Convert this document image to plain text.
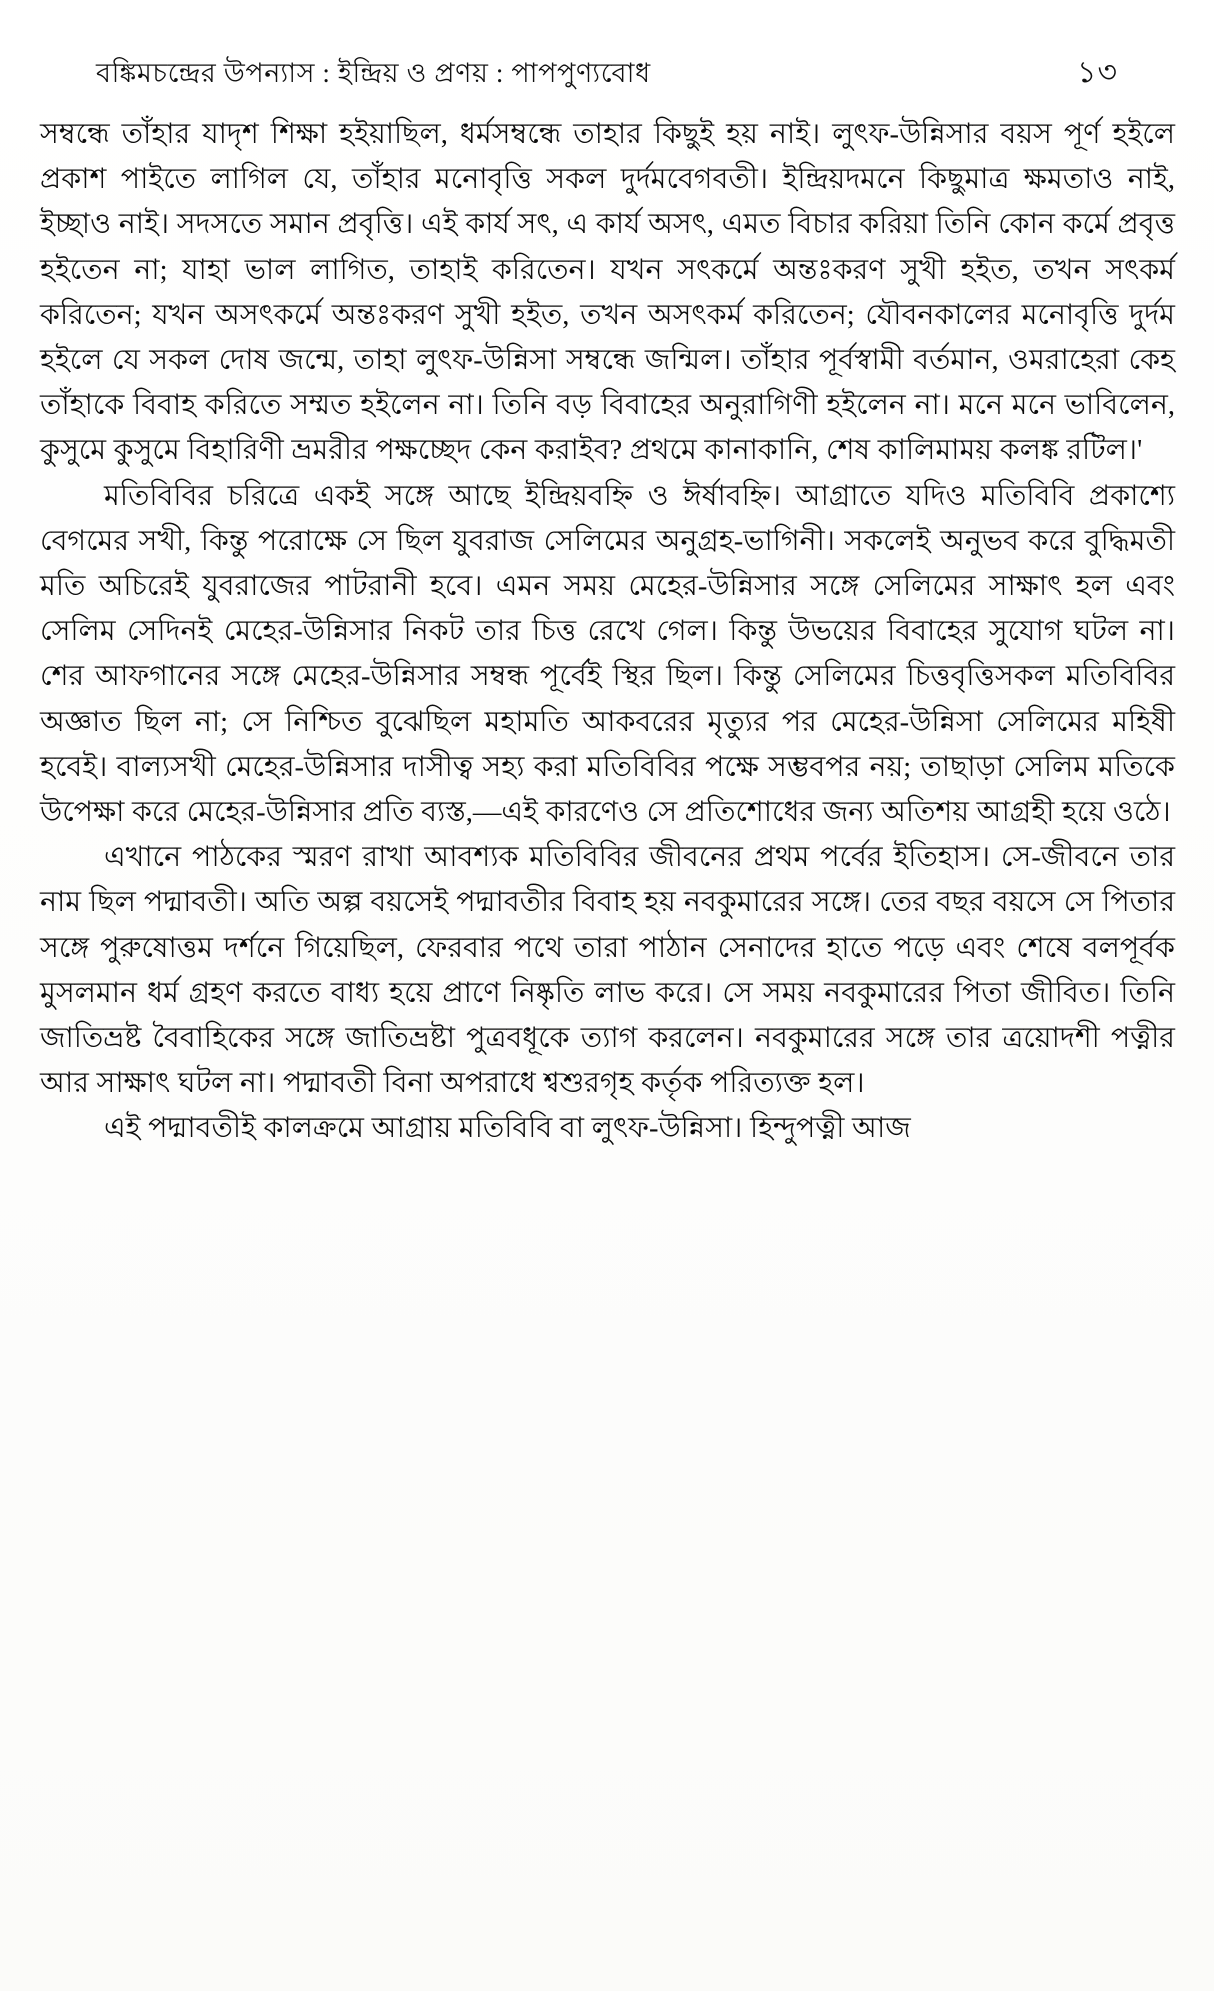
বঙ্কিমচন্দ্রের উপন্যাস : ইন্দ্রিয় ও প্রণয় : পাপপুণ্যবোধ	১৩

সম্বন্ধে তাঁহার যাদৃশ শিক্ষা হইয়াছিল, ধর্মসম্বন্ধে তাহার কিছুই হয় নাই। লুৎফ-উন্নিসার বয়স পূর্ণ হইলে প্রকাশ পাইতে লাগিল যে, তাঁহার মনোবৃত্তি সকল দুর্দমবেগবতী। ইন্দ্রিয়দমনে কিছুমাত্র ক্ষমতাও নাই, ইচ্ছাও নাই। সদসতে সমান প্রবৃত্তি। এই কার্য সৎ, এ কার্য অসৎ, এমত বিচার করিয়া তিনি কোন কর্মে প্রবৃত্ত হইতেন না; যাহা ভাল লাগিত, তাহাই করিতেন। যখন সৎকর্মে অন্তঃকরণ সুখী হইত, তখন সৎকর্ম করিতেন; যখন অসৎকর্মে অন্তঃকরণ সুখী হইত, তখন অসৎকর্ম করিতেন; যৌবনকালের মনোবৃত্তি দুর্দম হইলে যে সকল দোষ জন্মে, তাহা লুৎফ-উন্নিসা সম্বন্ধে জন্মিল। তাঁহার পূর্বস্বামী বর্তমান, ওমরাহেরা কেহ তাঁহাকে বিবাহ করিতে সম্মত হইলেন না। তিনি বড় বিবাহের অনুরাগিণী হইলেন না। মনে মনে ভাবিলেন, কুসুমে কুসুমে বিহারিণী ভ্রমরীর পক্ষচ্ছেদ কেন করাইব? প্রথমে কানাকানি, শেষ কালিমাময় কলঙ্ক রটিল।'

মতিবিবির চরিত্রে একই সঙ্গে আছে ইন্দ্রিয়বহ্নি ও ঈর্ষাবহ্নি। আগ্রাতে যদিও মতিবিবি প্রকাশ্যে বেগমের সখী, কিন্তু পরোক্ষে সে ছিল যুবরাজ সেলিমের অনুগ্রহ-ভাগিনী। সকলেই অনুভব করে বুদ্ধিমতী মতি অচিরেই যুবরাজের পাটরানী হবে। এমন সময় মেহের-উন্নিসার সঙ্গে সেলিমের সাক্ষাৎ হল এবং সেলিম সেদিনই মেহের-উন্নিসার নিকট তার চিত্ত রেখে গেল। কিন্তু উভয়ের বিবাহের সুযোগ ঘটল না। শের আফগানের সঙ্গে মেহের-উন্নিসার সম্বন্ধ পূর্বেই স্থির ছিল। কিন্তু সেলিমের চিত্তবৃত্তিসকল মতিবিবির অজ্ঞাত ছিল না; সে নিশ্চিত বুঝেছিল মহামতি আকবরের মৃত্যুর পর মেহের-উন্নিসা সেলিমের মহিষী হবেই। বাল্যসখী মেহের-উন্নিসার দাসীত্ব সহ্য করা মতিবিবির পক্ষে সম্ভবপর নয়; তাছাড়া সেলিম মতিকে উপেক্ষা করে মেহের-উন্নিসার প্রতি ব্যস্ত,—এই কারণেও সে প্রতিশোধের জন্য অতিশয় আগ্রহী হয়ে ওঠে।

এখানে পাঠকের স্মরণ রাখা আবশ্যক মতিবিবির জীবনের প্রথম পর্বের ইতিহাস। সে-জীবনে তার নাম ছিল পদ্মাবতী। অতি অল্প বয়সেই পদ্মাবতীর বিবাহ হয় নবকুমারের সঙ্গে। তের বছর বয়সে সে পিতার সঙ্গে পুরুষোত্তম দর্শনে গিয়েছিল, ফেরবার পথে তারা পাঠান সেনাদের হাতে পড়ে এবং শেষে বলপূর্বক মুসলমান ধর্ম গ্রহণ করতে বাধ্য হয়ে প্রাণে নিষ্কৃতি লাভ করে। সে সময় নবকুমারের পিতা জীবিত। তিনি জাতিভ্রষ্ট বৈবাহিকের সঙ্গে জাতিভ্রষ্টা পুত্রবধূকে ত্যাগ করলেন। নবকুমারের সঙ্গে তার ত্রয়োদশী পত্নীর আর সাক্ষাৎ ঘটল না। পদ্মাবতী বিনা অপরাধে শ্বশুরগৃহ কর্তৃক পরিত্যক্ত হল।

এই পদ্মাবতীই কালক্রমে আগ্রায় মতিবিবি বা লুৎফ-উন্নিসা। হিন্দুপত্নী আজ
